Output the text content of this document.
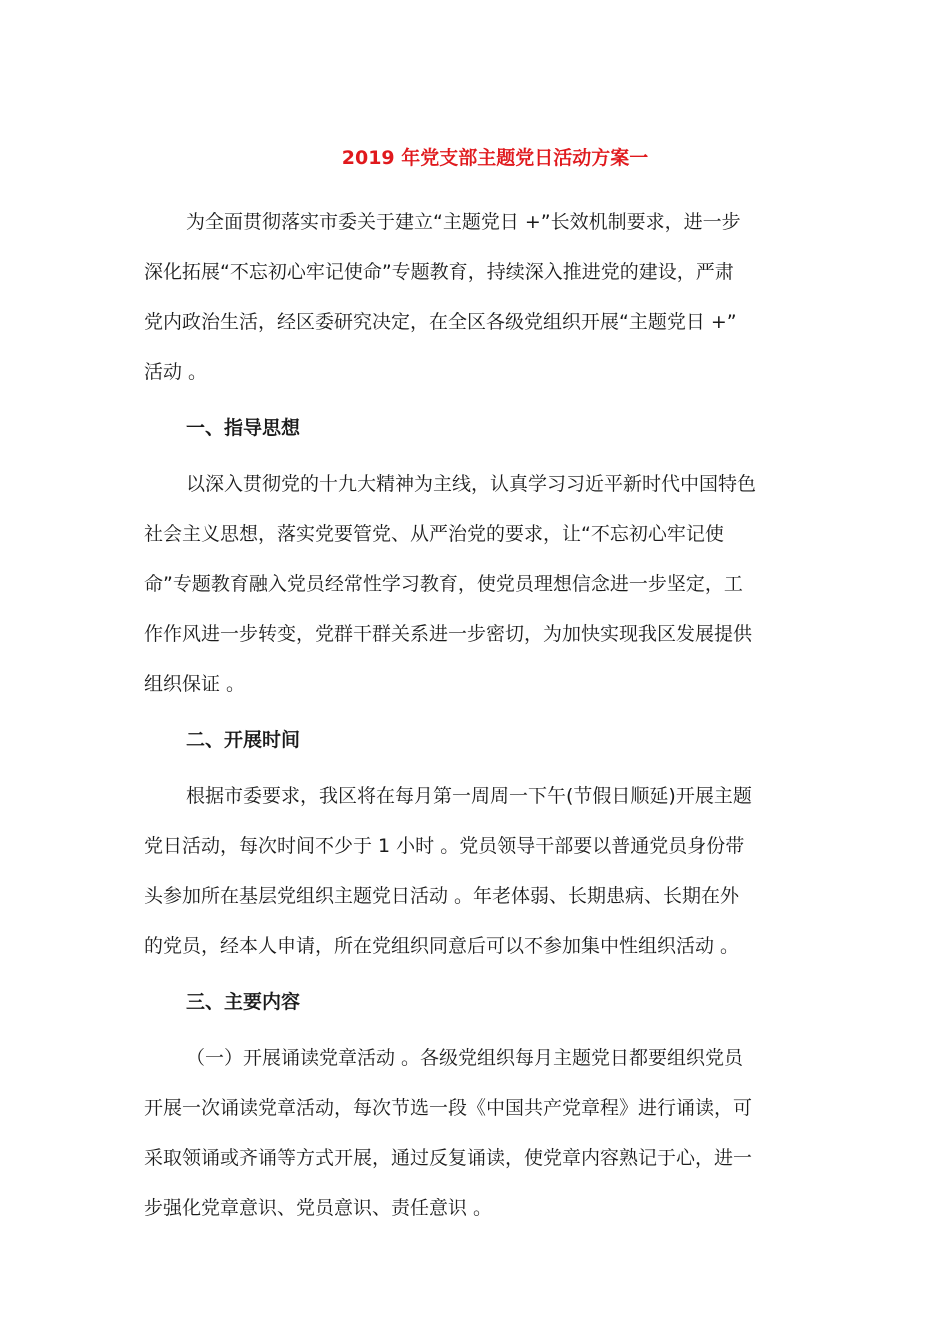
2019 年党支部主题党日活动方案一
为全面贯彻落实市委关于建立“主题党日 +”长效机制要求，进一步
深化拓展“不忘初心牢记使命”专题教育，持续深入推进党的建设，严肃
党内政治生活，经区委研究决定，在全区各级党组织开展“主题党日 +”
活动 。
一、指导思想
以深入贯彻党的十九大精神为主线，认真学习习近平新时代中国特色
社会主义思想，落实党要管党、从严治党的要求，让“不忘初心牢记使
命”专题教育融入党员经常性学习教育，使党员理想信念进一步坚定，工
作作风进一步转变，党群干群关系进一步密切，为加快实现我区发展提供
组织保证 。
二、开展时间
根据市委要求，我区将在每月第一周周一下午(节假日顺延)开展主题
党日活动，每次时间不少于 1 小时 。党员领导干部要以普通党员身份带
头参加所在基层党组织主题党日活动 。年老体弱、长期患病、长期在外
的党员，经本人申请，所在党组织同意后可以不参加集中性组织活动 。
三、主要内容
（一）开展诵读党章活动 。各级党组织每月主题党日都要组织党员
开展一次诵读党章活动，每次节选一段《中国共产党章程》进行诵读，可
采取领诵或齐诵等方式开展，通过反复诵读，使党章内容熟记于心，进一
步强化党章意识、党员意识、责任意识 。
